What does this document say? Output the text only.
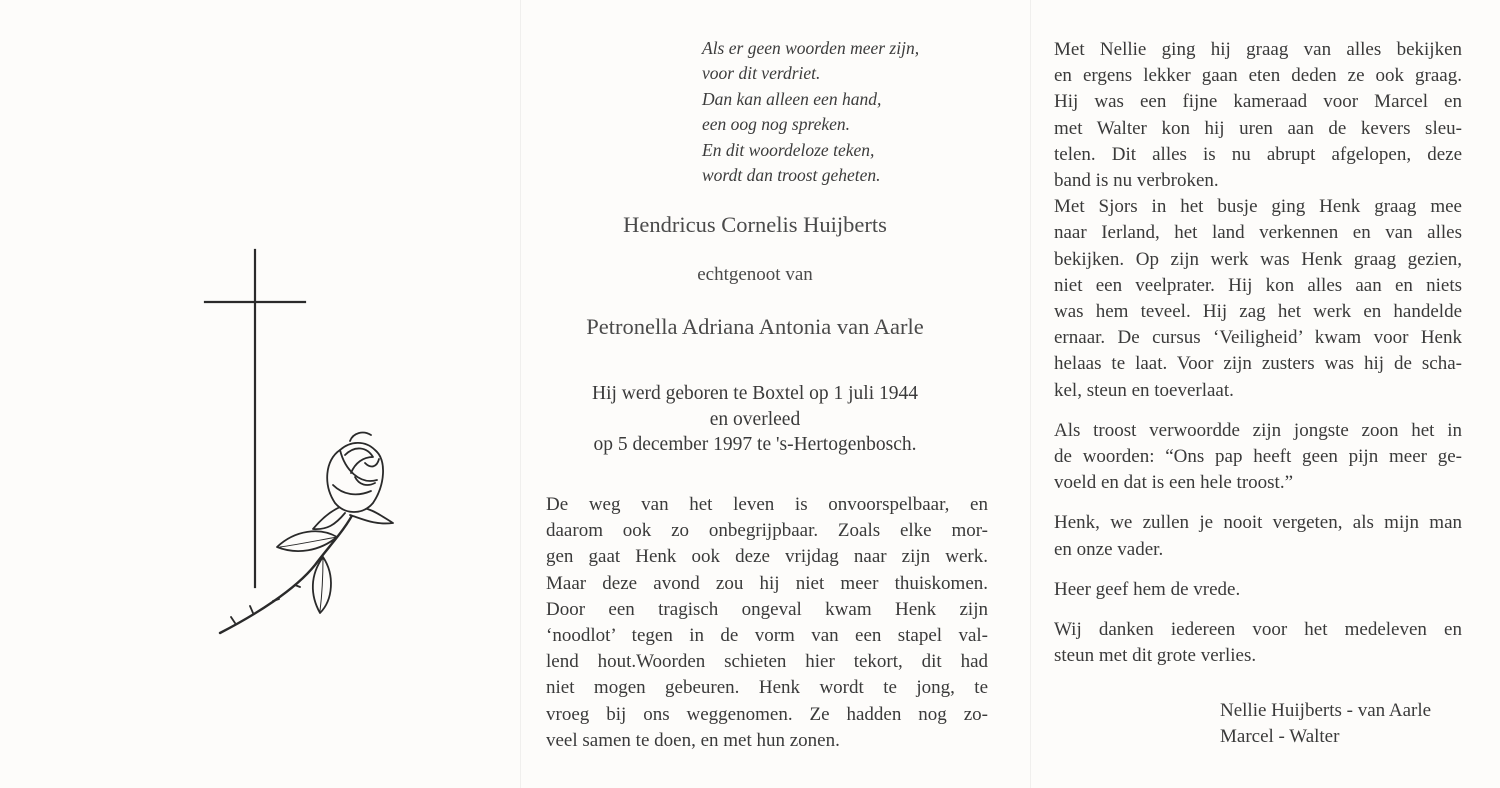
Als er geen woorden meer zijn,
voor dit verdriet.
Dan kan alleen een hand,
een oog nog spreken.
En dit woordeloze teken,
wordt dan troost geheten.
Hendricus Cornelis Huijberts
echtgenoot van
Petronella Adriana Antonia van Aarle
Hij werd geboren te Boxtel op 1 juli 1944
en overleed
op 5 december 1997 te 's-Hertogenbosch.
De weg van het leven is onvoorspelbaar, en
daarom ook zo onbegrijpbaar. Zoals elke mor-
gen gaat Henk ook deze vrijdag naar zijn werk.
Maar deze avond zou hij niet meer thuiskomen.
Door een tragisch ongeval kwam Henk zijn
‘noodlot’ tegen in de vorm van een stapel val-
lend hout.Woorden schieten hier tekort, dit had
niet mogen gebeuren. Henk wordt te jong, te
vroeg bij ons weggenomen. Ze hadden nog zo-
veel samen te doen, en met hun zonen.
Met Nellie ging hij graag van alles bekijken
en ergens lekker gaan eten deden ze ook graag.
Hij was een fijne kameraad voor Marcel en
met Walter kon hij uren aan de kevers sleu-
telen. Dit alles is nu abrupt afgelopen, deze
band is nu verbroken.
Met Sjors in het busje ging Henk graag mee
naar Ierland, het land verkennen en van alles
bekijken. Op zijn werk was Henk graag gezien,
niet een veelprater. Hij kon alles aan en niets
was hem teveel. Hij zag het werk en handelde
ernaar. De cursus ‘Veiligheid’ kwam voor Henk
helaas te laat. Voor zijn zusters was hij de scha-
kel, steun en toeverlaat.
Als troost verwoordde zijn jongste zoon het in
de woorden: “Ons pap heeft geen pijn meer ge-
voeld en dat is een hele troost.”
Henk, we zullen je nooit vergeten, als mijn man
en onze vader.
Heer geef hem de vrede.
Wij danken iedereen voor het medeleven en
steun met dit grote verlies.
Nellie Huijberts - van Aarle
Marcel - Walter
